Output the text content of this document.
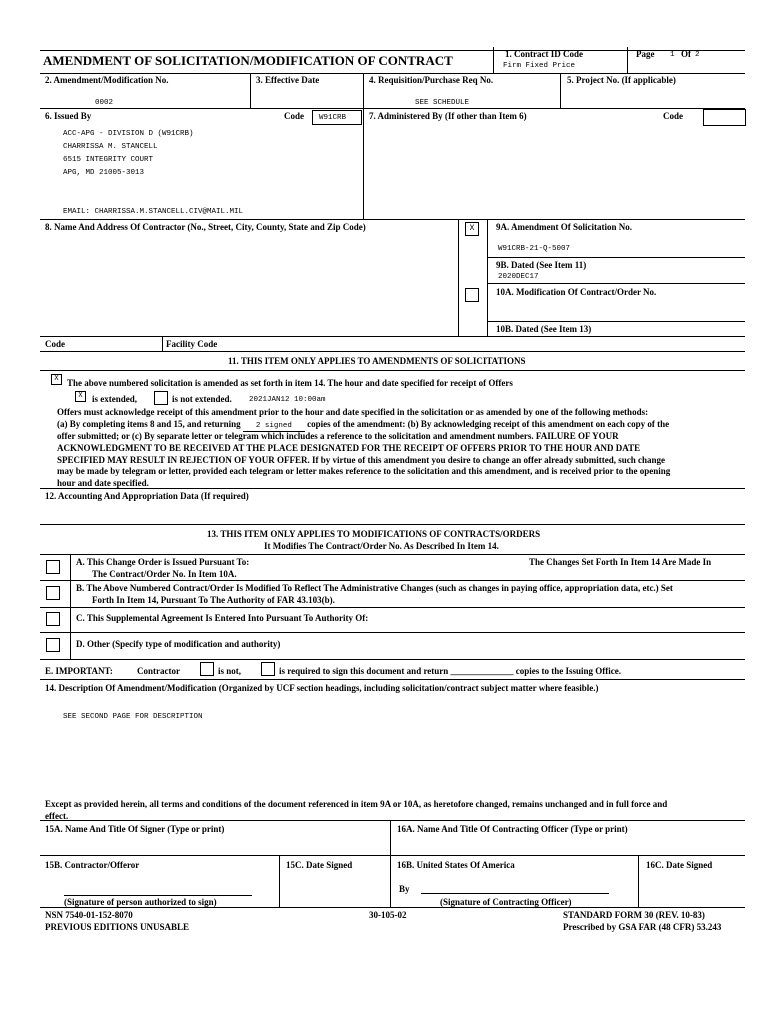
AMENDMENT OF SOLICITATION/MODIFICATION OF CONTRACT	1. Contract ID Code
Firm Fixed Price
Page 1 Of 2
2. Amendment/Modification No.
0002
3. Effective Date	4. Requisition/Purchase Req No.
SEE SCHEDULE
5. Project No. (If applicable)
6. Issued By	Code	W91CRB
ACC-APG - DIVISION D (W91CRB)
CHARRISSA M. STANCELL
6515 INTEGRITY COURT
APG, MD 21005-3013
EMAIL: CHARRISSA.M.STANCELL.CIV@MAIL.MIL
7. Administered By (If other than Item 6)	Code
8. Name And Address Of Contractor (No., Street, City, County, State and Zip Code)	X	9A. Amendment Of Solicitation No.
W91CRB-21-Q-5007
9B. Dated (See Item 11)
2020DEC17
10A. Modification Of Contract/Order No.
10B. Dated (See Item 13)
Code	Facility Code
11. THIS ITEM ONLY APPLIES TO AMENDMENTS OF SOLICITATIONS
X The above numbered solicitation is amended as set forth in item 14. The hour and date specified for receipt of Offers
X	is extended,	is not extended. 2021JAN12 10:00am
Offers must acknowledge receipt of this amendment prior to the hour and date specified in the solicitation or as amended by one of the following methods:
(a) By completing items 8 and 15, and returning 2 signed copies of the amendment: (b) By acknowledging receipt of this amendment on each copy of the
offer submitted; or (c) By separate letter or telegram which includes a reference to the solicitation and amendment numbers. FAILURE OF YOUR
ACKNOWLEDGMENT TO BE RECEIVED AT THE PLACE DESIGNATED FOR THE RECEIPT OF OFFERS PRIOR TO THE HOUR AND DATE
SPECIFIED MAY RESULT IN REJECTION OF YOUR OFFER. If by virtue of this amendment you desire to change an offer already submitted, such change
may be made by telegram or letter, provided each telegram or letter makes reference to the solicitation and this amendment, and is received prior to the opening
hour and date specified.
12. Accounting And Appropriation Data (If required)
13. THIS ITEM ONLY APPLIES TO MODIFICATIONS OF CONTRACTS/ORDERS
It Modifies The Contract/Order No. As Described In Item 14.
A. This Change Order is Issued Pursuant To:	The Changes Set Forth In Item 14 Are Made In
The Contract/Order No. In Item 10A.
B. The Above Numbered Contract/Order Is Modified To Reflect The Administrative Changes (such as changes in paying office, appropriation data, etc.) Set
Forth In Item 14, Pursuant To The Authority of FAR 43.103(b).
C. This Supplemental Agreement Is Entered Into Pursuant To Authority Of:
D. Other (Specify type of modification and authority)
E. IMPORTANT:	Contractor	is not,	is required to sign this document and return ______________ copies to the Issuing Office.
14. Description Of Amendment/Modification (Organized by UCF section headings, including solicitation/contract subject matter where feasible.)
SEE SECOND PAGE FOR DESCRIPTION
Except as provided herein, all terms and conditions of the document referenced in item 9A or 10A, as heretofore changed, remains unchanged and in full force and
effect.
15A. Name And Title Of Signer (Type or print)	16A. Name And Title Of Contracting Officer (Type or print)
15B. Contractor/Offeror	15C. Date Signed	16B. United States Of America	16C. Date Signed
By
(Signature of person authorized to sign)	(Signature of Contracting Officer)
NSN 7540-01-152-8070
PREVIOUS EDITIONS UNUSABLE
30-105-02	STANDARD FORM 30 (REV. 10-83)
Prescribed by GSA FAR (48 CFR) 53.243
